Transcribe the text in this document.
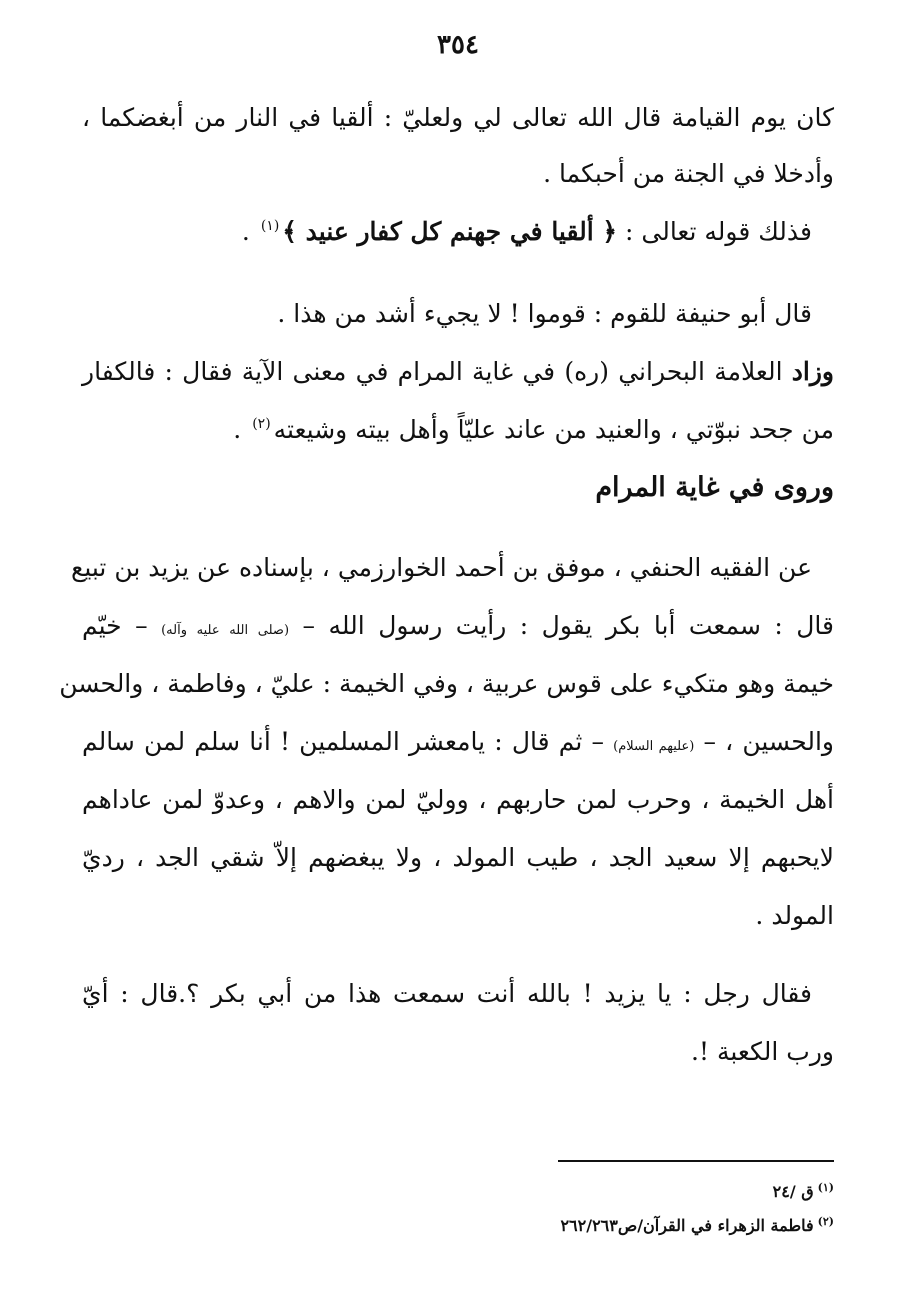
٣٥٤
كان يوم القيامة قال الله تعالى لي ولعليّ : ألقيا في النار من أبغضكما ،
وأدخلا في الجنة من أحبكما .
فذلك قوله تعالى : ﴿ ألقيا في جهنم كل كفار عنيد ﴾$^{(١)}$ .
قال أبو حنيفة للقوم : قوموا ! لا يجيء أشد من هذا .
وزاد العلامة البحراني (ره) في غاية المرام في معنى الآية فقال : فالكفار
من جحد نبوّتي ، والعنيد من عاند عليّاً وأهل بيته وشيعته$^{(٢)}$ .
وروى في غاية المرام
عن الفقيه الحنفي ، موفق بن أحمد الخوارزمي ، بإسناده عن يزيد بن تبيع
قال : سمعت أبا بكر يقول : رأيت رسول الله – (صلى الله عليه وآله) – خيّم
خيمة وهو متكيء على قوس عربية ، وفي الخيمة : عليّ ، وفاطمة ، والحسن
والحسين ، – (عليهم السلام) – ثم قال : يامعشر المسلمين ! أنا سلم لمن سالم
أهل الخيمة ، وحرب لمن حاربهم ، ووليّ لمن والاهم ، وعدوّ لمن عاداهم
لايحبهم إلا سعيد الجد ، طيب المولد ، ولا يبغضهم إلاّ شقي الجد ، رديّ
المولد .
فقال رجل : يا يزيد ! بالله أنت سمعت هذا من أبي بكر ؟.قال : أيّ
ورب الكعبة !.
$^{(١)}$ق /٢٤
$^{(٢)}$فاطمة الزهراء في القرآن/ص٢٦٢/٢٦٣
